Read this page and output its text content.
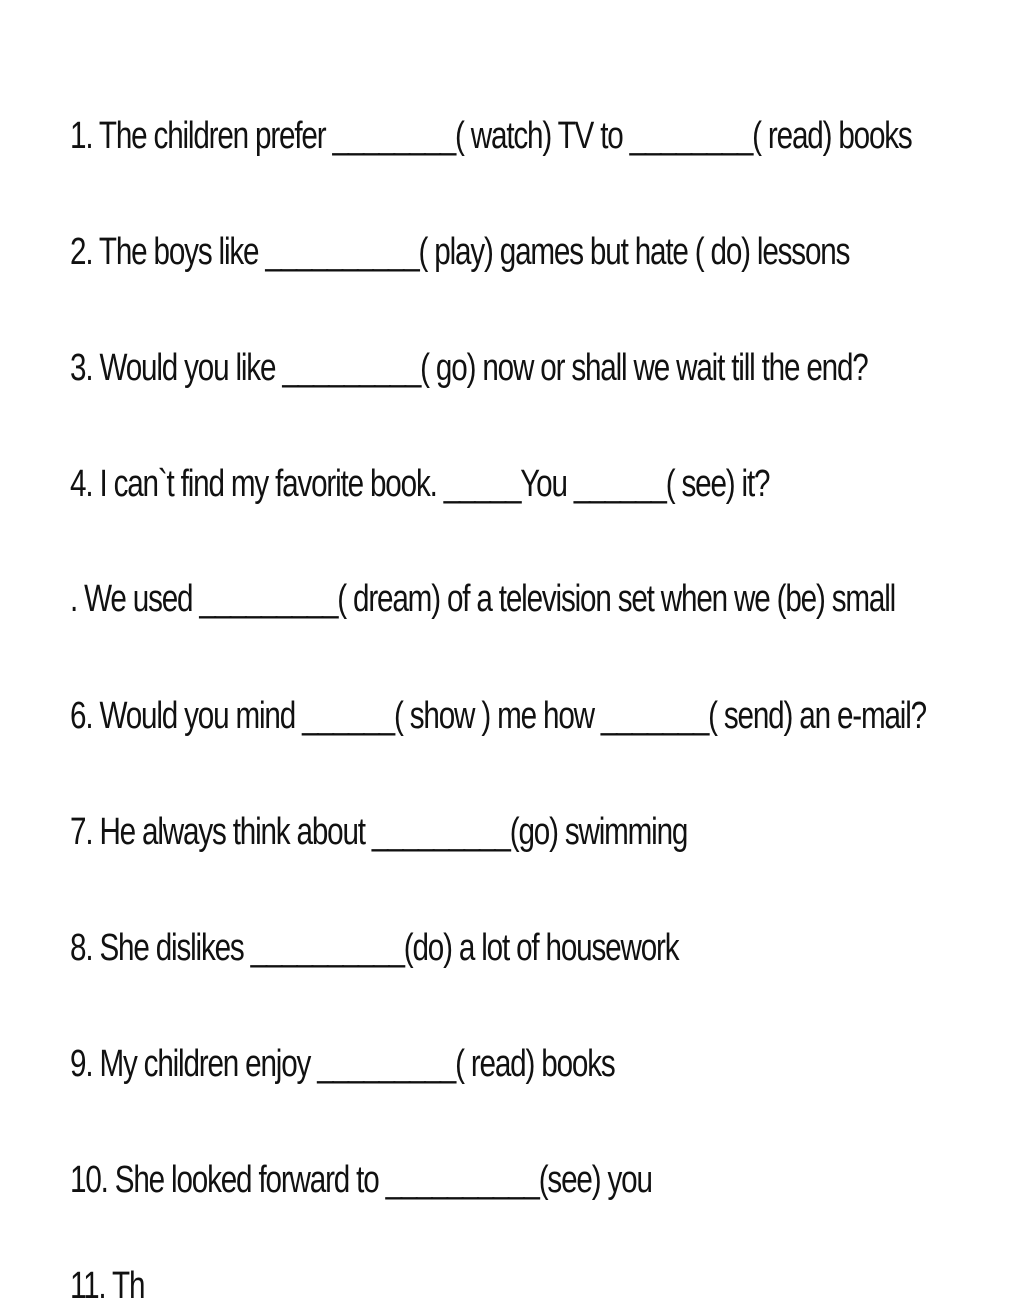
1. The children prefer ________( watch) TV to ________( read) books
2. The boys like __________( play) games but hate ( do) lessons
3. Would you like _________( go) now or shall we wait till the end?
4. I can`t find my favorite book. _____You ______( see) it?
. We used _________( dream) of a television set when we (be) small
6. Would you mind ______( show ) me how _______( send) an e-mail?
7. He always think about _________(go) swimming
8. She dislikes __________(do) a lot of housework
9. My children enjoy _________( read) books
10. She looked forward to __________(see) you
11. Th
